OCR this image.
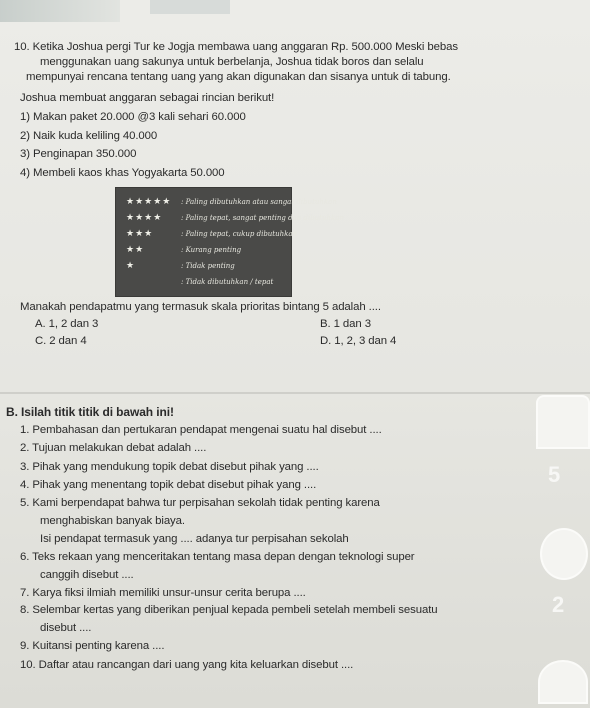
10. Ketika Joshua pergi Tur ke Jogja membawa uang anggaran Rp. 500.000 Meski bebas
menggunakan uang sakunya untuk berbelanja, Joshua tidak boros dan selalu
mempunyai rencana tentang uang yang akan digunakan dan sisanya untuk di tabung.
Joshua membuat anggaran sebagai rincian berikut!
1) Makan paket 20.000 @3 kali sehari 60.000
2) Naik kuda keliling 40.000
3) Penginapan 350.000
4) Membeli kaos khas Yogyakarta 50.000
★★★★★ : Paling dibutuhkan atau sangat dibutuhkan
★★★★	: Paling tepat, sangat penting dan dibutuhkan
★★★	: Paling tepat, cukup dibutuhkan
★★	: Kurang penting
★	: Tidak penting
: Tidak dibutuhkan / tepat
Manakah pendapatmu yang termasuk skala prioritas bintang 5 adalah ....
A. 1, 2 dan 3	B. 1 dan 3
C. 2 dan 4	D. 1, 2, 3 dan 4
B. Isilah titik titik di bawah ini!
1. Pembahasan dan pertukaran pendapat mengenai suatu hal disebut ....
2. Tujuan melakukan debat adalah ....
3. Pihak yang mendukung topik debat disebut pihak yang ....
4. Pihak yang menentang topik debat disebut pihak yang ....
5. Kami berpendapat bahwa tur perpisahan sekolah tidak penting karena
menghabiskan banyak biaya.
Isi pendapat termasuk yang .... adanya tur perpisahan sekolah
6. Teks rekaan yang menceritakan tentang masa depan dengan teknologi super
canggih disebut ....
7. Karya fiksi ilmiah memiliki unsur-unsur cerita berupa ....
8. Selembar kertas yang diberikan penjual kepada pembeli setelah membeli sesuatu
disebut ....
9. Kuitansi penting karena ....
10. Daftar atau rancangan dari uang yang kita keluarkan disebut ....
5
2
